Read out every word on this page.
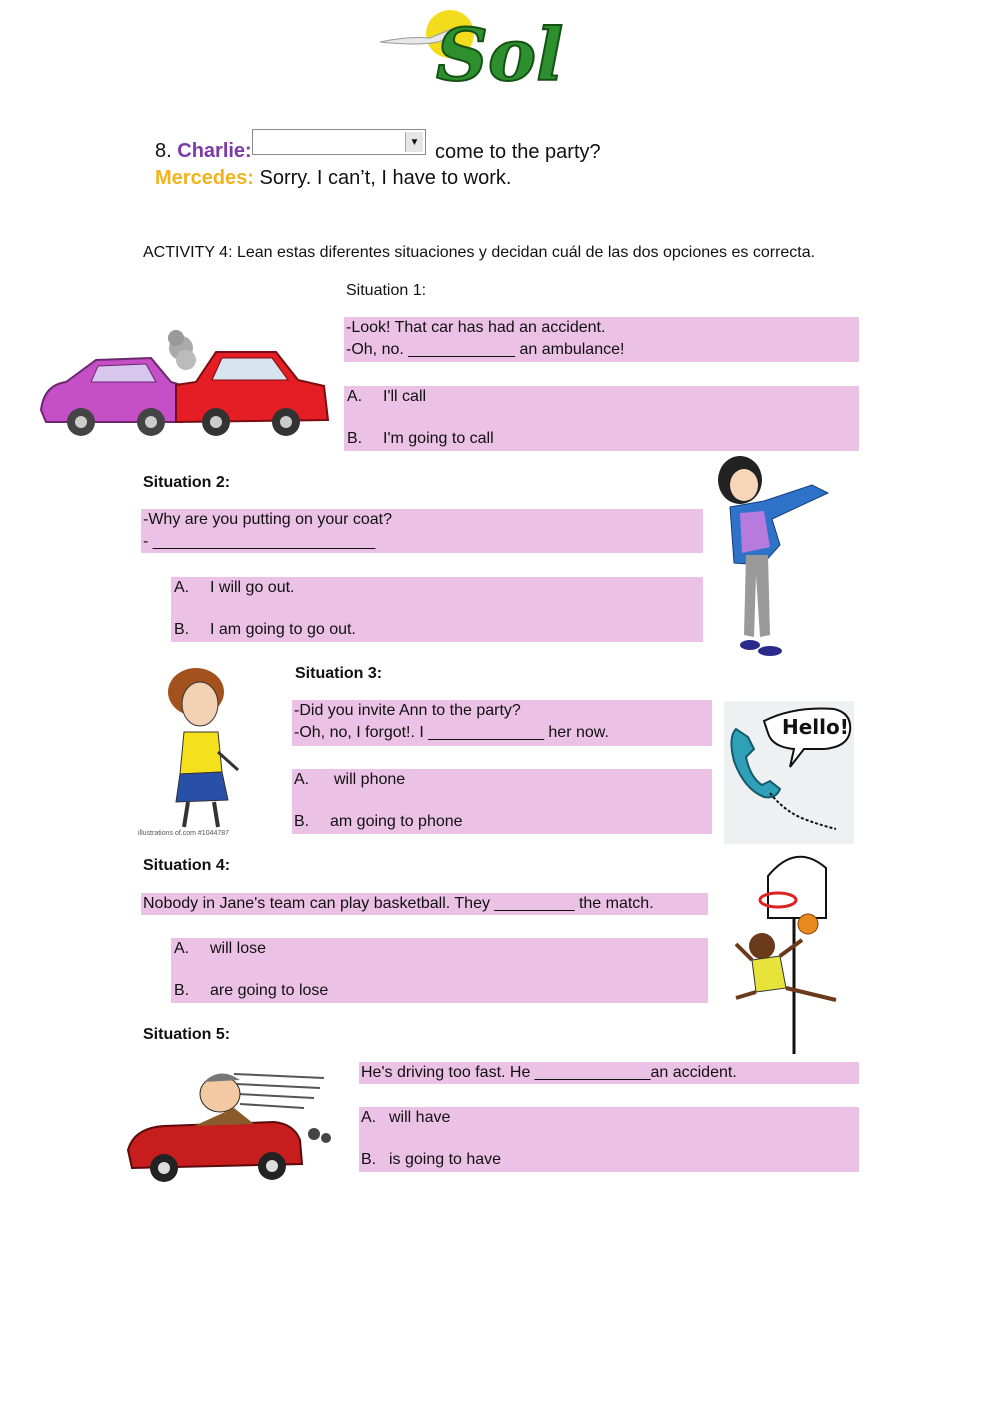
Sol
8. Charlie:	▼ come to the party?
Mercedes: Sorry. I can’t, I have to work.
ACTIVITY 4: Lean estas diferentes situaciones y decidan cuál de las dos opciones es correcta.
Situation 1:
-Look! That car has had an accident.
-Oh, no. ____________ an ambulance!
A. I'll call
B. I'm going to call
Situation 2:
-Why are you putting on your coat?
- _________________________
A. I will go out.
B. I am going to go out.
Situation 3:
-Did you invite Ann to the party?
-Oh, no, I forgot!. I _____________ her now.
A. will phone
B. am going to phone
illustrations of.com #1044787
Hello!
Situation 4:
Nobody in Jane's team can play basketball. They _________ the match.
A. will lose
B. are going to lose
Situation 5:
He's driving too fast. He _____________an accident.
A. will have
B. is going to have
